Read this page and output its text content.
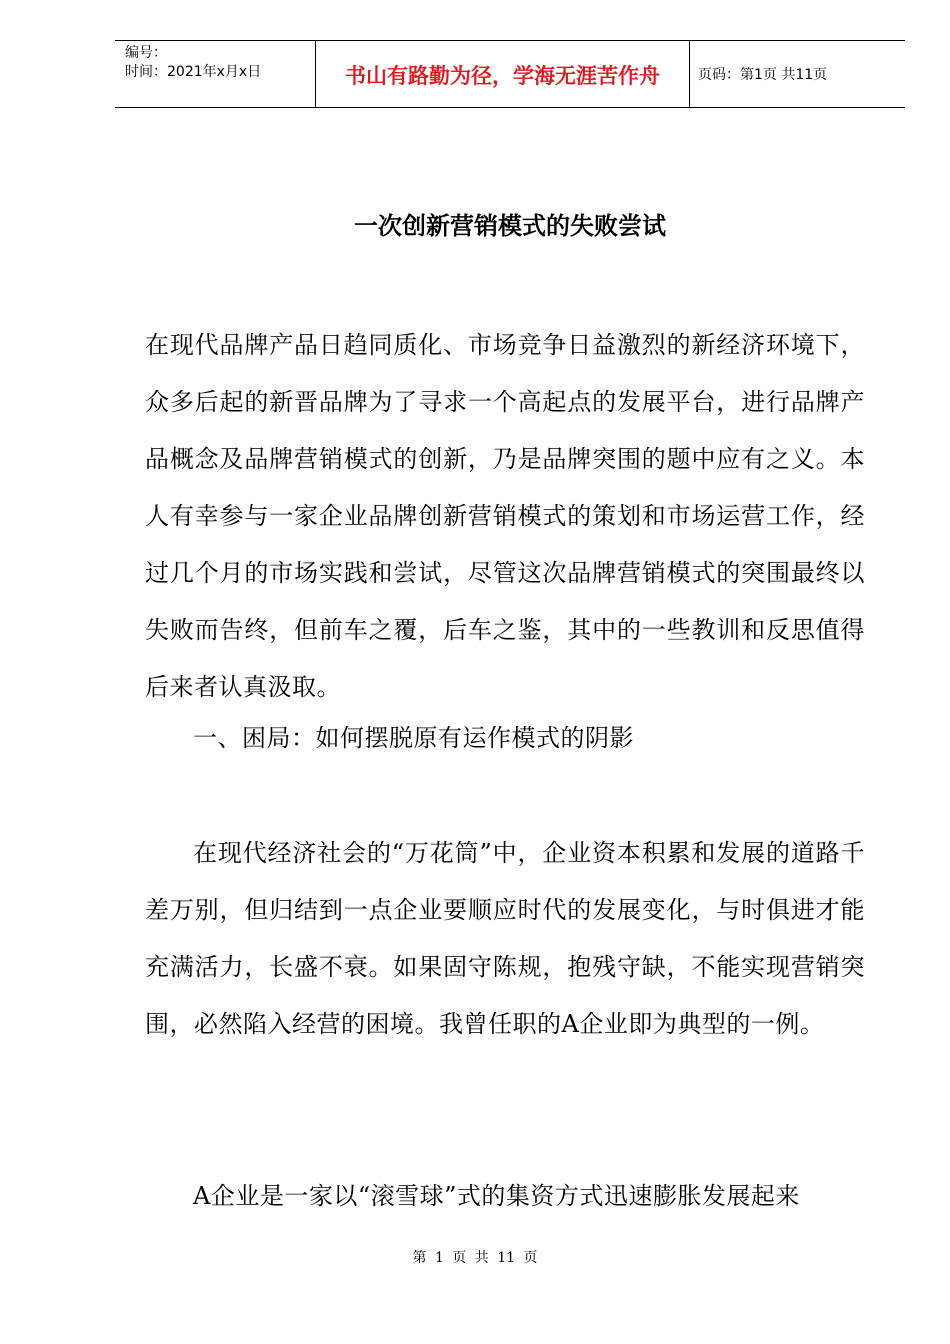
编号：
时间：2021年x月x日	书山有路勤为径，学海无涯苦作舟	页码：第1页 共11页
一次创新营销模式的失败尝试
在现代品牌产品日趋同质化、市场竞争日益激烈的新经济环境下，众多后起的新晋品牌为了寻求一个高起点的发展平台，进行品牌产品概念及品牌营销模式的创新，乃是品牌突围的题中应有之义。本人有幸参与一家企业品牌创新营销模式的策划和市场运营工作，经过几个月的市场实践和尝试，尽管这次品牌营销模式的突围最终以失败而告终，但前车之覆，后车之鉴，其中的一些教训和反思值得后来者认真汲取。
一、困局：如何摆脱原有运作模式的阴影
在现代经济社会的“万花筒”中，企业资本积累和发展的道路千差万别，但归结到一点企业要顺应时代的发展变化，与时俱进才能充满活力，长盛不衰。如果固守陈规，抱残守缺，不能实现营销突围，必然陷入经营的困境。我曾任职的A企业即为典型的一例。
A企业是一家以“滚雪球”式的集资方式迅速膨胀发展起来
第 1 页 共 11 页
